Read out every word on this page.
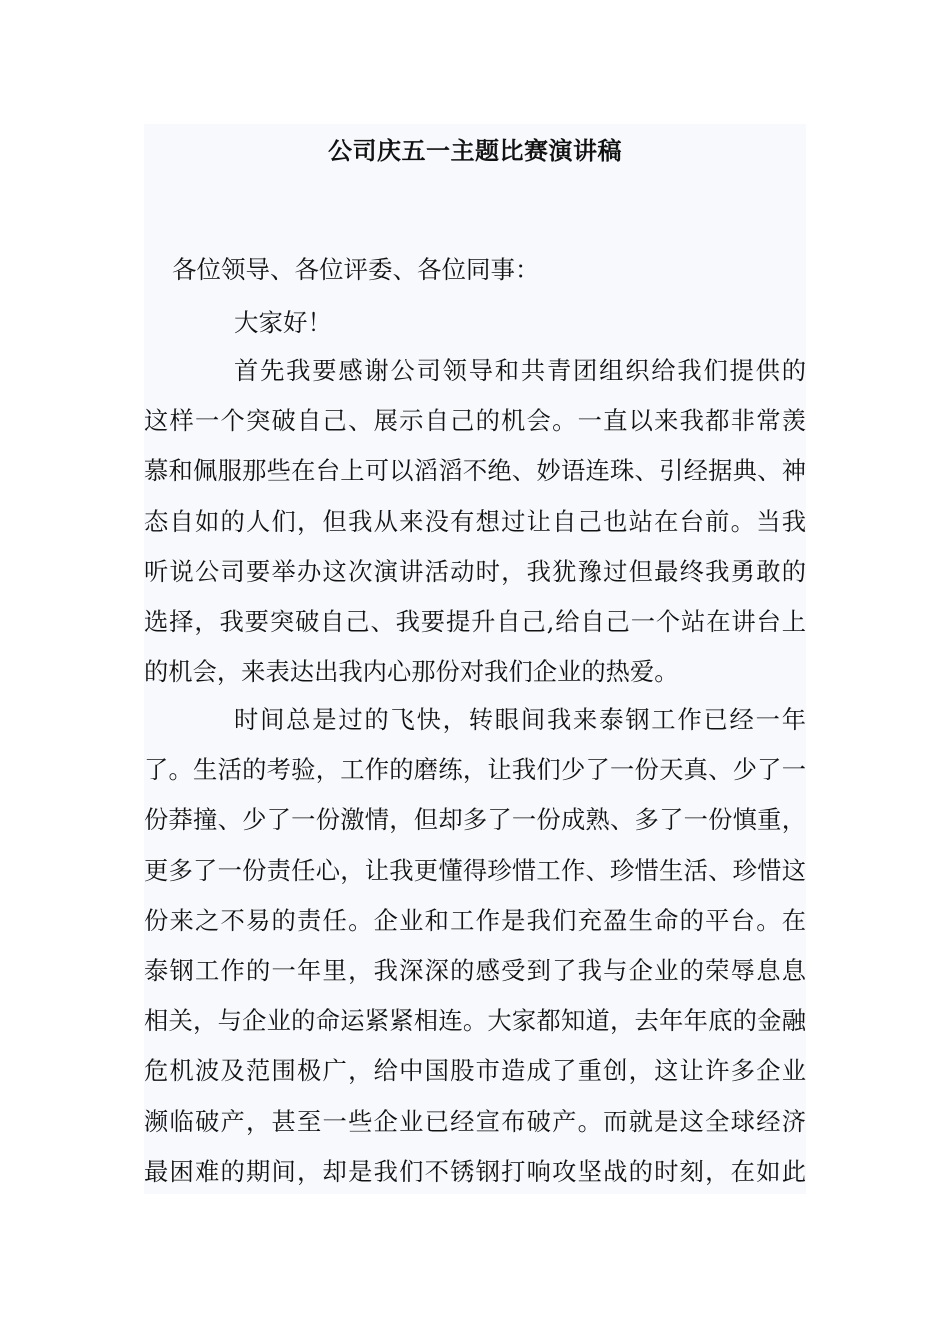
公司庆五一主题比赛演讲稿
各位领导、各位评委、各位同事：
大家好！
首先我要感谢公司领导和共青团组织给我们提供的
这样一个突破自己、展示自己的机会。一直以来我都非常羡
慕和佩服那些在台上可以滔滔不绝、妙语连珠、引经据典、神
态自如的人们，但我从来没有想过让自己也站在台前。当我
听说公司要举办这次演讲活动时，我犹豫过但最终我勇敢的
选择，我要突破自己、我要提升自己,给自己一个站在讲台上
的机会，来表达出我内心那份对我们企业的热爱。
时间总是过的飞快，转眼间我来泰钢工作已经一年
了。生活的考验，工作的磨练，让我们少了一份天真、少了一
份莽撞、少了一份激情，但却多了一份成熟、多了一份慎重，
更多了一份责任心，让我更懂得珍惜工作、珍惜生活、珍惜这
份来之不易的责任。企业和工作是我们充盈生命的平台。在
泰钢工作的一年里，我深深的感受到了我与企业的荣辱息息
相关，与企业的命运紧紧相连。大家都知道，去年年底的金融
危机波及范围极广，给中国股市造成了重创，这让许多企业
濒临破产，甚至一些企业已经宣布破产。而就是这全球经济
最困难的期间，却是我们不锈钢打响攻坚战的时刻，在如此
